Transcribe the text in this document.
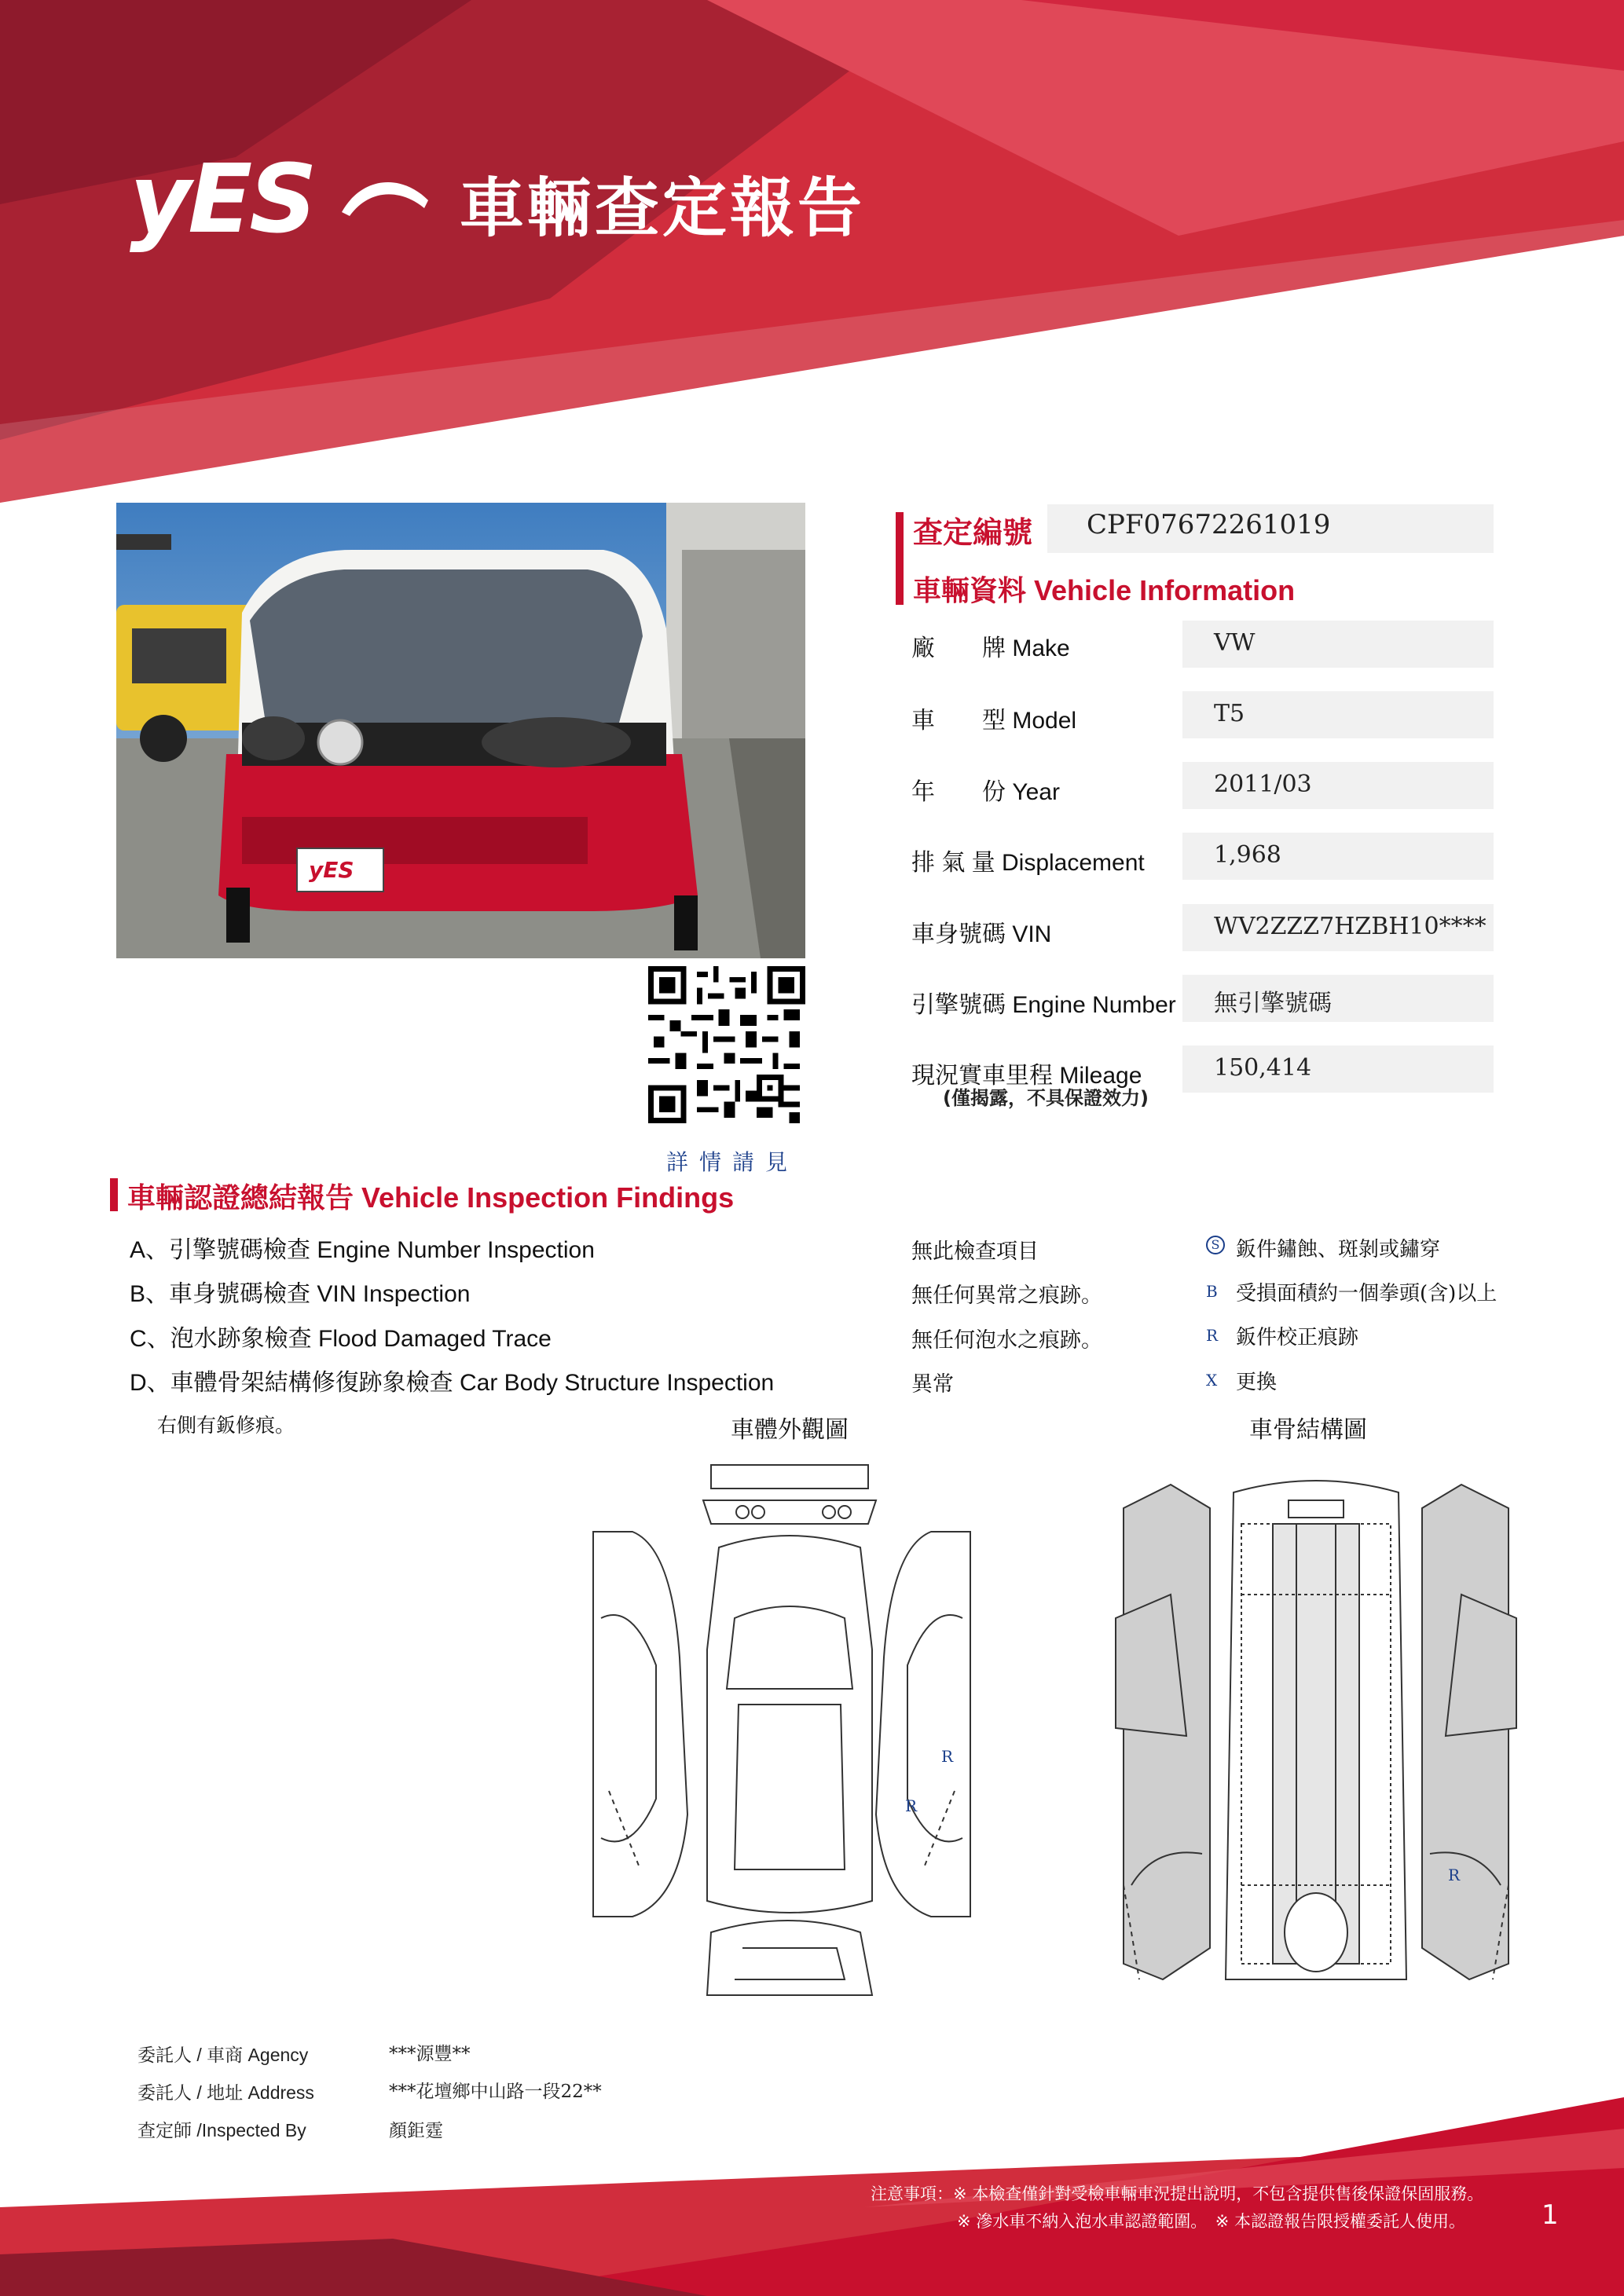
yES 車輛查定報告
yES
詳情請見
查定編號 CPF07672261019
車輛資料 Vehicle Information
廠　　牌 Make	VW
車　　型 Model	T5
年　　份 Year	2011/03
排 氣 量 Displacement	1,968
車身號碼 VIN	WV2ZZZ7HZBH10****
引擎號碼 Engine Number 無引擎號碼
現況實車里程 Mileage	150,414
(僅揭露，不具保證效力)
車輛認證總結報告 Vehicle Inspection Findings
A、引擎號碼檢查 Engine Number Inspection	無此檢查項目
B、車身號碼檢查 VIN Inspection	無任何異常之痕跡。
C、泡水跡象檢查 Flood Damaged Trace	無任何泡水之痕跡。
D、車體骨架結構修復跡象檢查 Car Body Structure Inspection	異常
S 鈑件鏽蝕、斑剝或鏽穿
B 受損面積約一個拳頭(含)以上
R 鈑件校正痕跡
X 更換
右側有鈑修痕。	車體外觀圖	車骨結構圖
R
R
R
委託人 / 車商 Agency	***源豐**
委託人 / 地址 Address	***花壇鄉中山路一段22**
查定師 /Inspected By	顏鉅霆
注意事項：※ 本檢查僅針對受檢車輛車況提出說明，不包含提供售後保證保固服務。
※ 滲水車不納入泡水車認證範圍。　※ 本認證報告限授權委託人使用。	1
